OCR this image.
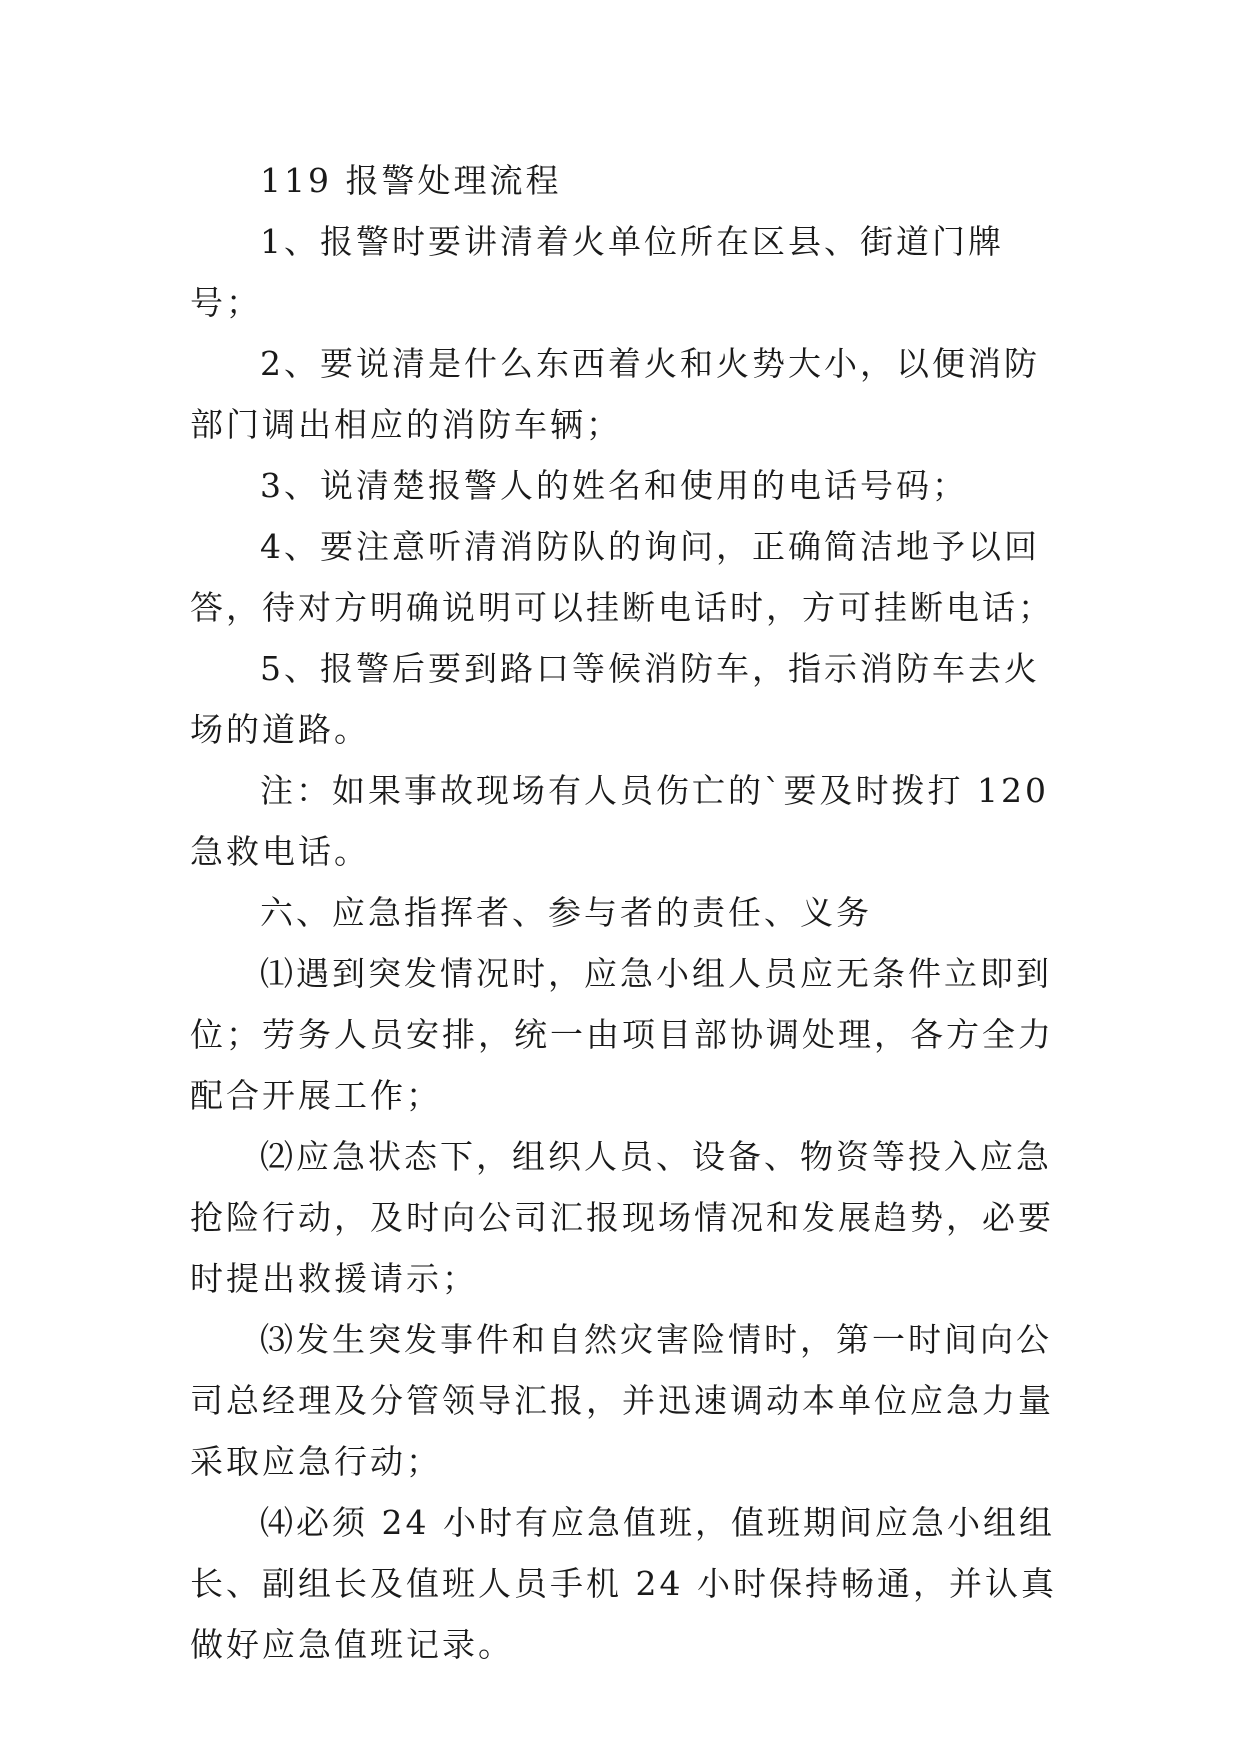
119 报警处理流程

1、报警时要讲清着火单位所在区县、街道门牌号；

2、要说清是什么东西着火和火势大小，以便消防部门调出相应的消防车辆；

3、说清楚报警人的姓名和使用的电话号码；

4、要注意听清消防队的询问，正确简洁地予以回答，待对方明确说明可以挂断电话时，方可挂断电话；

5、报警后要到路口等候消防车，指示消防车去火场的道路。

注：如果事故现场有人员伤亡的`要及时拨打 120 急救电话。

六、应急指挥者、参与者的责任、义务

⑴遇到突发情况时，应急小组人员应无条件立即到位；劳务人员安排，统一由项目部协调处理，各方全力配合开展工作；

⑵应急状态下，组织人员、设备、物资等投入应急抢险行动，及时向公司汇报现场情况和发展趋势，必要时提出救援请示；

⑶发生突发事件和自然灾害险情时，第一时间向公司总经理及分管领导汇报，并迅速调动本单位应急力量采取应急行动；

⑷必须 24 小时有应急值班，值班期间应急小组组长、副组长及值班人员手机 24 小时保持畅通，并认真做好应急值班记录。
